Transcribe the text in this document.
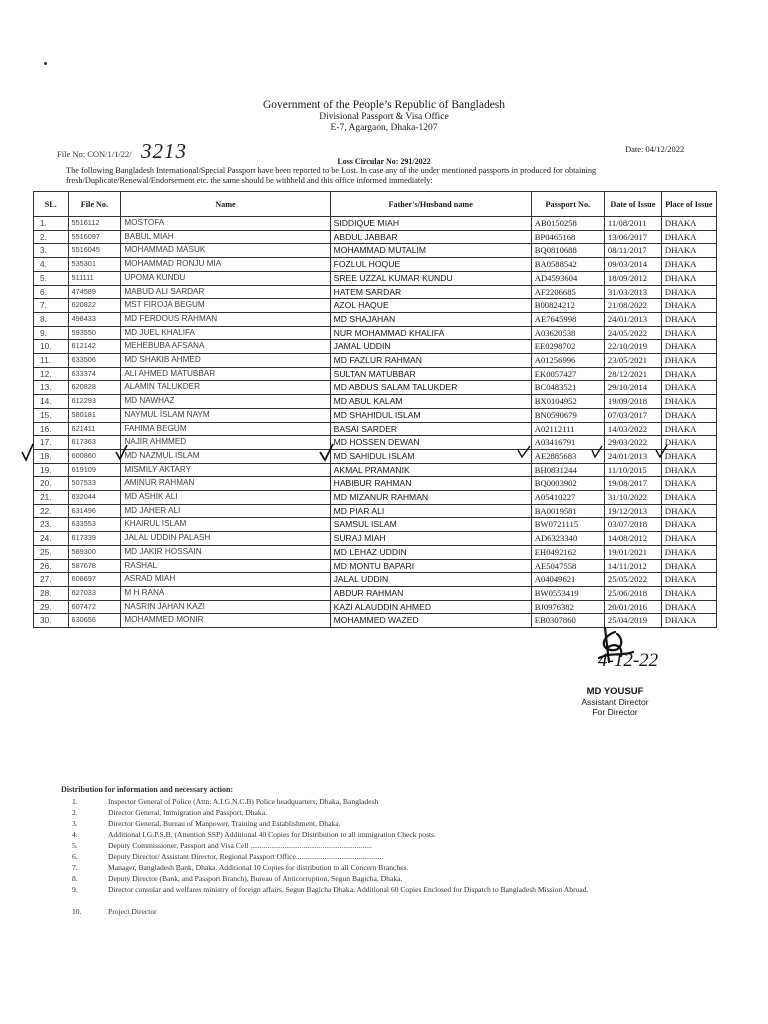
Government of the People’s Republic of Bangladesh
Divisional Passport & Visa Office
E-7, Agargaon, Dhaka-1207
File No: CON/1/1/22/ 3213	Date: 04/12/2022
Loss Circular No: 291/2022
The following Bangladesh International/Special Passport have been reported to be Lost. In case any of the under mentioned passports in produced for obtaining fresh/Duplicate/Renewal/Endorsement etc. the same should be withheld and this office informed immediately:
SL.	File No.	Name	Father's/Husband name	Passport No.	Date of Issue	Place of Issue
1.	5516112	MOSTOFA	SIDDIQUE MIAH	AB0150258	11/08/2011	DHAKA
2.	5516097	BABUL MIAH	ABDUL JABBAR	BP0465168	13/06/2017	DHAKA
3.	5516045	MOHAMMAD MASUK	MOHAMMAD MUTALIM	BQ0810688	08/11/2017	DHAKA
4.	535301	MOHAMMAD RONJU MIA	FOZLUL HOQUE	BA0588542	09/03/2014	DHAKA
5.	511111	UPOMA KUNDU	SREE UZZAL KUMAR KUNDU	AD4593604	18/09/2012	DHAKA
6.	474589	MABUD ALI SARDAR	HATEM SARDAR	AF2206685	31/03/2013	DHAKA
7.	620822	MST FIROJA BEGUM	AZOL HAQUE	B00824212	21/08/2022	DHAKA
8.	498433	MD FERDOUS RAHMAN	MD SHAJAHAN	AE7645998	24/01/2013	DHAKA
9.	593550	MD JUEL KHALIFA	NUR MOHAMMAD KHALIFA	A03620538	24/05/2022	DHAKA
10.	612142	MEHEBUBA AFSANA	JAMAL UDDIN	EE0298702	22/10/2019	DHAKA
11.	633506	MD SHAKIB AHMED	MD FAZLUR RAHMAN	A01256996	23/05/2021	DHAKA
12.	633374	ALI AHMED MATUBBAR	SULTAN MATUBBAR	EK0057427	28/12/2021	DHAKA
13.	620828	ALAMIN TALUKDER	MD ABDUS SALAM TALUKDER	BC0483521	29/10/2014	DHAKA
14.	612293	MD NAWHAZ	MD ABUL KALAM	BX0104952	19/09/2018	DHAKA
15.	580181	NAYMUL ISLAM NAYM	MD SHAHIDUL ISLAM	BN0590679	07/03/2017	DHAKA
16.	621411	FAHIMA BEGUM	BASAI SARDER	A02112111	14/03/2022	DHAKA
17.	617363	NAJIR AHMMED	MD HOSSEN DEWAN	A03416791	29/03/2022	DHAKA
18.	600860	MD NAZMUL ISLAM	MD SAHIDUL ISLAM	AE2885683	24/01/2013	DHAKA
19.	619109	MISMILY AKTARY	AKMAL PRAMANIK	BH0831244	11/10/2015	DHAKA
20.	507533	AMINUR RAHMAN	HABIBUR RAHMAN	BQ0003902	19/08/2017	DHAKA
21.	632044	MD ASHIK ALI	MD MIZANUR RAHMAN	A05410227	31/10/2022	DHAKA
22.	631496	MD JAHER ALI	MD PIAR ALI	BA0019581	19/12/2013	DHAKA
23.	633553	KHAIRUL ISLAM	SAMSUL ISLAM	BW0721115	03/07/2018	DHAKA
24.	617339	JALAL UDDIN PALASH	SURAJ MIAH	AD6323340	14/08/2012	DHAKA
25.	589300	MD JAKIR HOSSAIN	MD LEHAZ UDDIN	EH0492162	19/01/2021	DHAKA
26.	587678	RASHAL	MD MONTU BAPARI	AE5047558	14/11/2012	DHAKA
27.	608697	ASRAD MIAH	JALAL UDDIN	A04049621	25/05/2022	DHAKA
28.	627033	M H RANA	ABDUR RAHMAN	BW0553419	25/06/2018	DHAKA
29.	607472	NASRIN JAHAN KAZI	KAZI ALAUDDIN AHMED	BJ0976382	20/01/2016	DHAKA
30.	630656	MOHAMMED MONIR	MOHAMMED WAZED	EB0307860	25/04/2019	DHAKA
4-12-22
MD YOUSUF
Assistant Director
For Director
Distribution for information and necessary action:
1.	Inspector General of Police (Attn: A.I.G.N.C.B) Police headquarters, Dhaka, Bangladesh
2.	Director General, Immigration and Passport, Dhaka.
3.	Director General, Bureau of Manpower, Training and Establishment, Dhaka.
4.	Additional I.G.P.S.B. (Attention SSP) Additional 40 Copies for Distribution to all immigration Check posts.
5.	Deputy Commissioner, Passport and Visa Cell ................................................................
6.	Deputy Director/ Assistant Director, Regional Passport Office..............................................
7.	Manager, Bangladesh Bank, Dhaka. Additional 10 Copies for distribution to all Concern Branches.
8.	Deputy Director (Bank, and Passport Branch), Bureau of Anticorruption, Segun Bagicha, Dhaka.
9.	Director consular and welfares ministry of foreign affairs, Segun Bagicha Dhaka. Additional 60 Copies Enclosed for Dispatch to Bangladesh Mission Abroad.
10.	Project Director
